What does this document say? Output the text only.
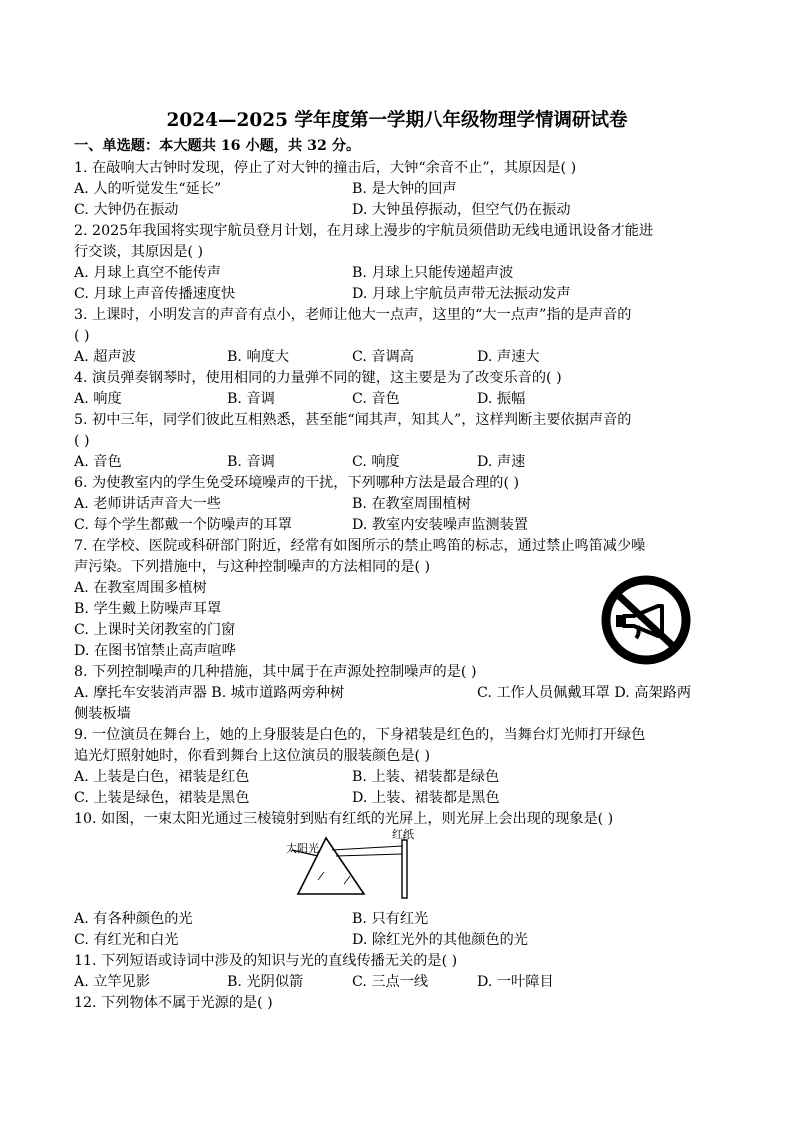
2024—2025 学年度第一学期八年级物理学情调研试卷
一、单选题：本大题共 16 小题，共 32 分。
1. 在敲响大古钟时发现，停止了对大钟的撞击后，大钟“余音不止”，其原因是( )
A. 人的听觉发生“延长”	B. 是大钟的回声
C. 大钟仍在振动	D. 大钟虽停振动，但空气仍在振动
2. 2025年我国将实现宇航员登月计划，在月球上漫步的宇航员须借助无线电通讯设备才能进
行交谈，其原因是( )
A. 月球上真空不能传声	B. 月球上只能传递超声波
C. 月球上声音传播速度快	D. 月球上宇航员声带无法振动发声
3. 上课时，小明发言的声音有点小，老师让他大一点声，这里的“大一点声”指的是声音的
( )
A. 超声波	B. 响度大	C. 音调高	D. 声速大
4. 演员弹奏钢琴时，使用相同的力量弹不同的键，这主要是为了改变乐音的( )
A. 响度	B. 音调	C. 音色	D. 振幅
5. 初中三年，同学们彼此互相熟悉，甚至能“闻其声，知其人”，这样判断主要依据声音的
( )
A. 音色	B. 音调	C. 响度	D. 声速
6. 为使教室内的学生免受环境噪声的干扰，下列哪种方法是最合理的( )
A. 老师讲话声音大一些	B. 在教室周围植树
C. 每个学生都戴一个防噪声的耳罩	D. 教室内安装噪声监测装置
7. 在学校、医院或科研部门附近，经常有如图所示的禁止鸣笛的标志，通过禁止鸣笛减少噪
声污染。下列措施中，与这种控制噪声的方法相同的是( )
A. 在教室周围多植树
B. 学生戴上防噪声耳罩
C. 上课时关闭教室的门窗
D. 在图书馆禁止高声喧哗
8. 下列控制噪声的几种措施，其中属于在声源处控制噪声的是( )
A. 摩托车安装消声器 B. 城市道路两旁种树	C. 工作人员佩戴耳罩 D. 高架路两
侧装板墙
9. 一位演员在舞台上，她的上身服装是白色的，下身裙装是红色的，当舞台灯光师打开绿色
追光灯照射她时，你看到舞台上这位演员的服装颜色是( )
A. 上装是白色，裙装是红色	B. 上装、裙装都是绿色
C. 上装是绿色，裙装是黑色	D. 上装、裙装都是黑色
10. 如图，一束太阳光通过三棱镜射到贴有红纸的光屏上，则光屏上会出现的现象是( )
太阳光
红纸
A. 有各种颜色的光	B. 只有红光
C. 有红光和白光	D. 除红光外的其他颜色的光
11. 下列短语或诗词中涉及的知识与光的直线传播无关的是( )
A. 立竿见影	B. 光阴似箭	C. 三点一线	D. 一叶障目
12. 下列物体不属于光源的是( )
